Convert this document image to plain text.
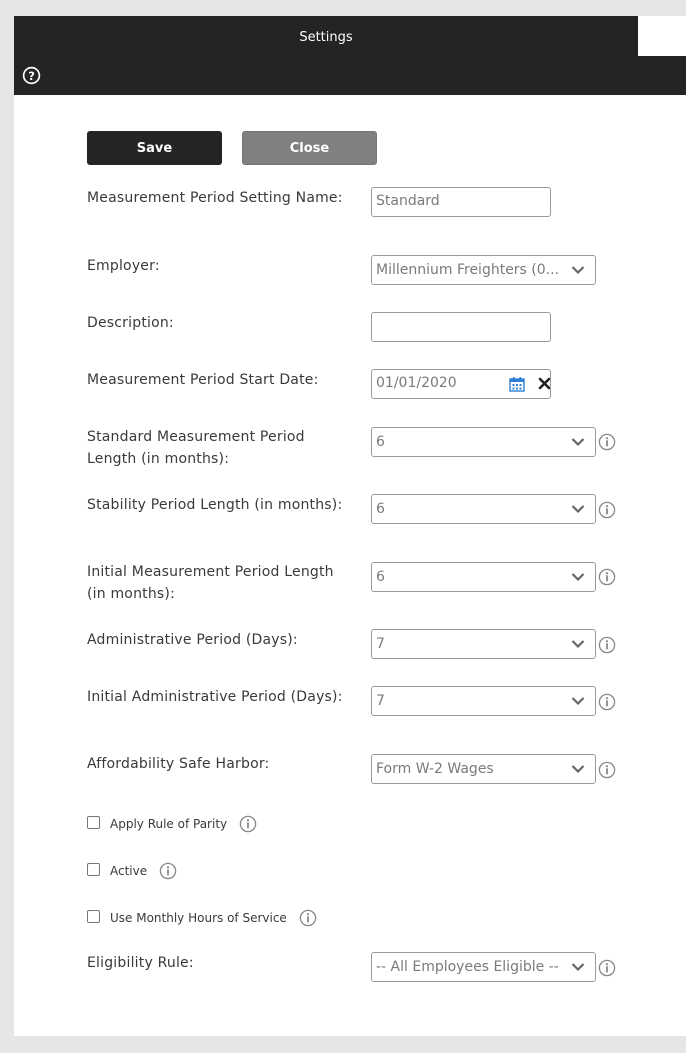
Settings
?
Save	Close
Measurement Period Setting Name:	Standard
Employer:	Millennium Freighters (0...
Description:
Measurement Period Start Date:	01/01/2020
Standard Measurement Period Length (in months):
6
Stability Period Length (in months):	6
Initial Measurement Period Length (in months):
6
Administrative Period (Days):	7
Initial Administrative Period (Days):	7
Affordability Safe Harbor:	Form W-2 Wages
Apply Rule of Parity
Active
Use Monthly Hours of Service
Eligibility Rule:	-- All Employees Eligible --
